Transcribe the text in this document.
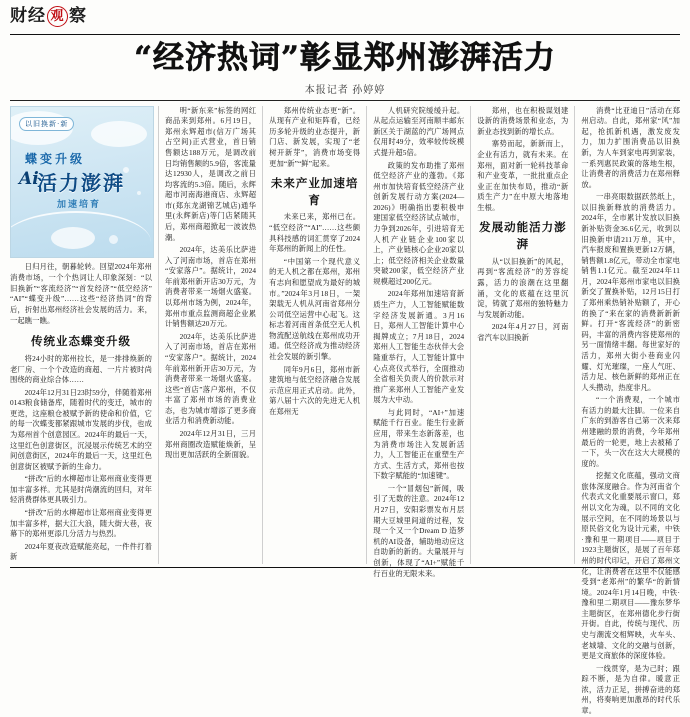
财经 观 察
“经济热词”彰显郑州澎湃活力
本报记者 孙婷婷
以旧换新·新
蝶变升级
Ai
活力澎湃
加速培育
日归月往，朝暮轮转。回望2024年郑州消费市场，一个个热词让人印象深刻：“以旧换新”“客流经济”“首发经济”“低空经济”“AI”“蝶变升级”……这些“经济热词”的背后，折射出郑州经济社会发展的活力。来，一起瞧一瞧。
传统业态蝶变升级

将24小时的郑州拉长，是一排排焕新的老厂房、一个个改造的商超、一片片被时尚围绕的商业综合体……

2024年12月31日23时59分，伴随着郑州0143粮食储备库，随着时代的变迁，城市的更迭，这座粮仓被赋予新的使命和价值，它的每一次蝶变都紧跟城市发展的步伐，也成为郑州首个创意园区。2024年的最后一天，这里红色创意街区，沉浸展示传统艺术的空间创意街区，2024年的最后一天，这里红色创意街区被赋予新的生命力。

“拼改”后的水柳超市让郑州商业变得更加丰富多样。尤其是时尚潮流的回归，对年轻消费群体更具吸引力。

“拼改”后的水柳超市让郑州商业变得更加丰富多样，据大江大浪，随大街大巷，夜幕下的郑州更添几分活力与热烈。

2024年夏夜改造赋能亮起，一件件打着新

明“新东来”标签的网红商品来到郑州。6月19日，郑州永辉超市(信万广场其占空间)正式营业，首日销售额达188万元，是调改前日均销售额的5.9倍，客流量达12930人，是调改之前日均客流的5.3倍。随后，永辉超市河南海港商店、永辉超市(郑东龙湖锦艺城店)通华里(永辉新店)等门店紧随其后，郑州商超掀起一波波热潮。

2024年，达美乐比萨进入了河南市场，首店在郑州“安家落户”。据统计，2024年前郑州新开店30万元，为消费者带来一场烟火盛宴。以郑州市场为例，2024年，郑州市重点监测商超企业累计销售额达20万元。

2024年，达美乐比萨进入了河南市场，首店在郑州“安家落户”。据统计，2024年前郑州新开店30万元，为消费者带来一场烟火盛宴。这些“首店”落户郑州，不仅丰富了郑州市场的消费业态，也为城市增添了更多商业活力和消费新动能。

2024年12月31日，三月郑州商圈改造赋能焕新，呈现出更加活跃的全新面貌。

郑州传统业态更“新”。从现有产业和矩阵看，已经历多轮升级的业态提升，新门店、新发展，实现了“老树开新芽”，消费市场变得更加“新”“鲜”起来。

未来产业加速培育

未来已来，郑州已在。“低空经济”“AI”……这些颇具科技感的词汇贯穿了2024年郑州的新闻上的任性。

“中国第一个现代意义的无人机之都在郑州，郑州有志向和愿望成为最好的城市。”2024年3月18日，一架架载无人机从河南省郑州分公司低空运营中心起飞。这标志着河南首条低空无人机物流配送航线在郑州成功开通。低空经济成为推动经济社会发展的新引擎。

同年9月6日，郑州市新建筑地与低空经济融合发展示范应用正式启动。此外，第八届十六次的先进无人机在郑州无

人机研究院缓缓升起。从起点运输至河南顺丰邮东新区关于湖蓝的汽广场网点仅用时49分，效率较传统模式提升超5倍。

政策的发布助推了郑州低空经济产业的蓬勃。《郑州市加快培育低空经济产业创新发展行动方案(2024—2026)》明确指出要积极申建国家低空经济试点城市，力争到2026年，引进培育无人机产业链企业100家以上，产业链核心企业20家以上；低空经济相关企业数量突破200家，低空经济产业规模超过200亿元。

2024年郑州加速培育新质生产力，人工智能赋能数字经济发展新通。3月16日，郑州人工智能计算中心揭牌成立；7月18日，2024郑州人工智能生态伙伴大会隆重举行，人工智能计算中心点亮仪式举行，全面推动全省相关负责人的价款示对推广来郑州人工智能产业发展为大中动。

与此同时，“AI+”加速赋能千行百业。能生行业新应用，带来生态新落差，也为消费市场注入发展新活力，人工智能正在重塑生产方式、生活方式，郑州也按下数字赋能的“加速键”。

一个“冒烟包”新闻，吸引了无数的注意。2024年12月27日，安阳彩票发布月层期大豆城里间道的过程，发现一个又一个Dream D 造梦机的AI设备，辅助地动应这自助新的新的。大量展开与创新，体现了“AI+”赋能千行百业的无限未来。

郑州，也在积极谋划建设新的消费场景和业态，为新业态找到新的增长点。

寨势而起，新新而上，企业有活力，就有未来。在郑州，面对新一轮科技革命和产业变革，一批批重点企业正在加快布局，推动“新质生产力”在中原大地落地生根。

发展动能活力澎湃

从“以旧换新”的风起，再到“客流经济”的芳容绽露，活力的浪潮在这里翻涌，文化的底蕴在这里沉淀，铸就了郑州的独特魅力与发展新动能。

2024年4月27日，河南省汽车以旧换新

消费“比亚迪日”活动在郑州启动。自此，郑州家“风”加起，抢抓新机遇，激发废发力，加力扩围消费品以旧换新，为人车到家电再到家装，一系列惠民政策的落地生根，让消费者的消费活力在郑州释放。

一串亮眼数据跃然纸上，以旧换新释放的消费活力。2024年，全市累计发放以旧换新补贴资金36.6亿元，收到以旧换新申请211万单，其中，汽车报废和置换更新12万辆，销售额1.8亿元，带动全市家电销售1.1亿元。截至2024年11月，2024年郑州市家电以旧换新交了置换补贴，12月15日打了郑州乘热销补贴额了，开心的换了“来在家的消费新新新鲜。打开“客流经济”的新密码，丰富的消费内容使郑州的另一面情绪丰翻。每世家好的活力，郑州大街小巷商业闪耀、灯光璀璨，一座人气旺、活力足、核色新鲜的郑州正在人头攒动，热度非凡。

“一个消费观，一个城市有活力的最大注脚。一位来自广东的到游客自己第一次来郑州建融的景的消费，今年郑州最后的一轮更，地上去被稀了一下，头一次在这大大规模的度的。

挖掘文化底蕴，强动文商旅体深度融合。作为河南省个代表式文化重要展示窗口，郑州以文化为魂，以不同的文化展示空间，在不同的场景以与原民俗文化为设计元素，中铁·豫和里一期项目——项目于1923主题街区，是展了百年郑州的时代印记，开启了郑州文化，让消费者在这里不仅能感受到“老郑州”的繁华“的新情境。2024年1月14日晚，中铁·豫和里二期项目——豫东梦华主题街区，在郑州德化步行街开街。自此，传统与现代、历史与潮流交相辉映，火车头、老城墙、文化的交融与创新，更是文商旅体的深度体验。

一线贯穿，是为己时；跟踪不断，是为自律。暖意正浓，活力正足，拼搏奋进的郑州，将奏响更加激昂的时代乐章。
